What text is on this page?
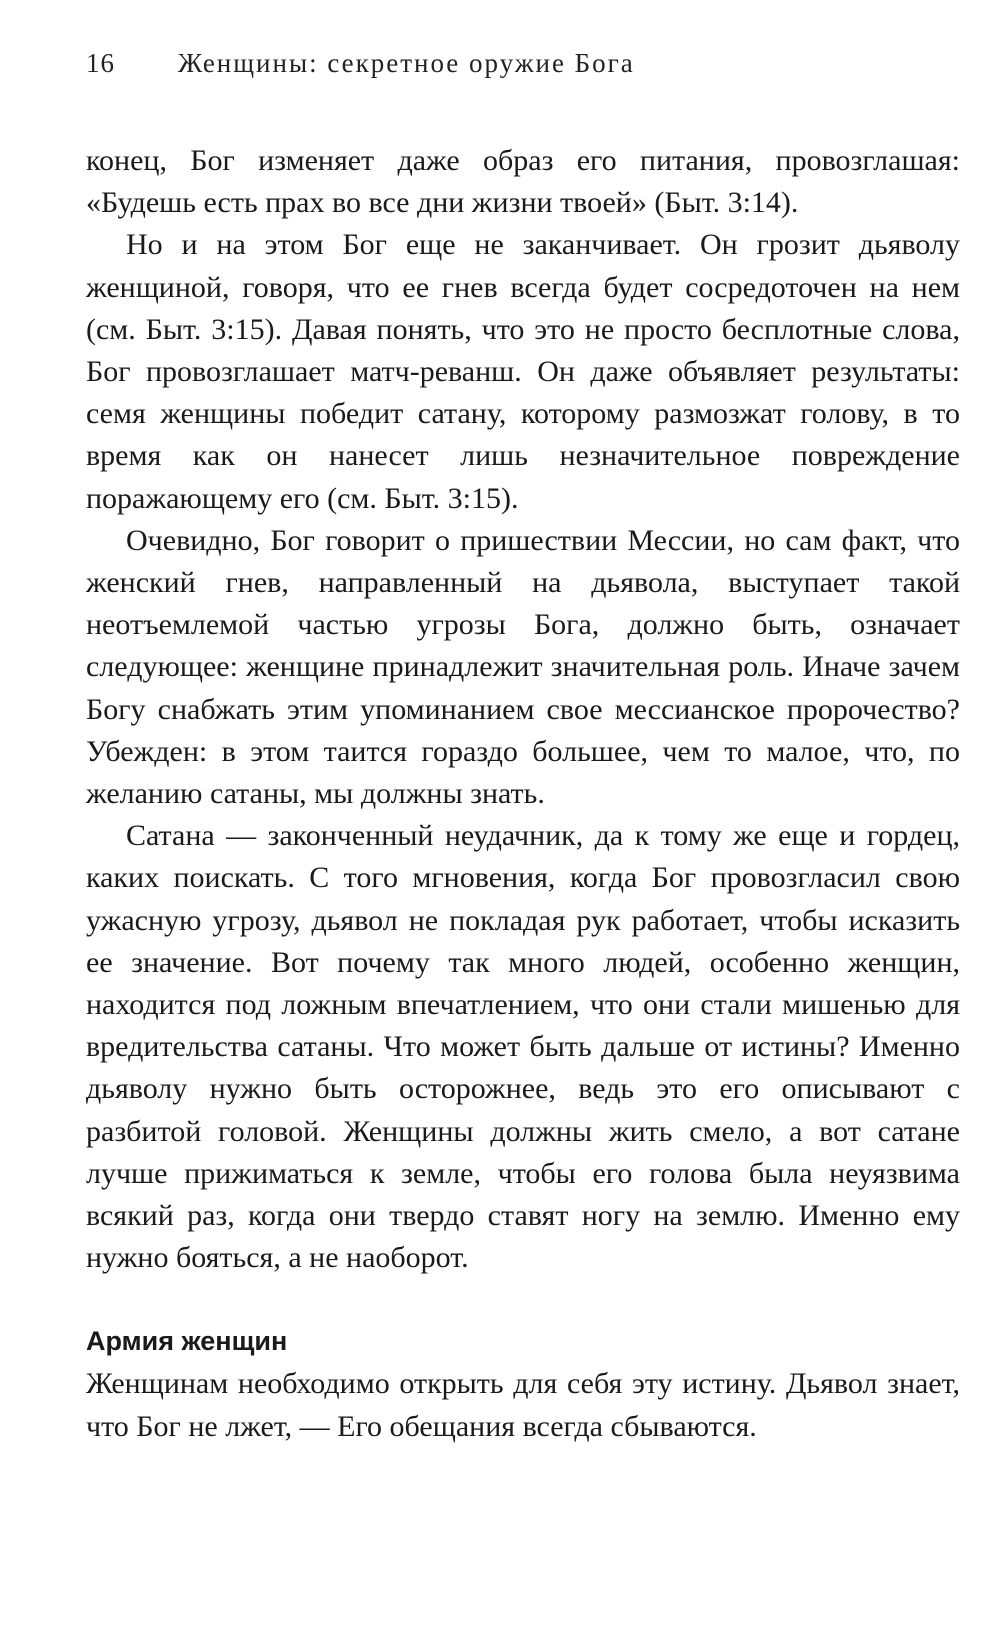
16	Женщины: секретное оружие Бога

конец, Бог изменяет даже образ его питания, провозглашая: «Будешь есть прах во все дни жизни твоей» (Быт. 3:14).

Но и на этом Бог еще не заканчивает. Он грозит дьяволу женщиной, говоря, что ее гнев всегда будет сосредоточен на нем (см. Быт. 3:15). Давая понять, что это не просто бесплотные слова, Бог провозглашает матч-реванш. Он даже объявляет результаты: семя женщины победит сатану, которому размозжат голову, в то время как он нанесет лишь незначительное повреждение поражающему его (см. Быт. 3:15).

Очевидно, Бог говорит о пришествии Мессии, но сам факт, что женский гнев, направленный на дьявола, выступает такой неотъемлемой частью угрозы Бога, должно быть, означает следующее: женщине принадлежит значительная роль. Иначе зачем Богу снабжать этим упоминанием свое мессианское пророчество? Убежден: в этом таится гораздо большее, чем то малое, что, по желанию сатаны, мы должны знать.

Сатана — законченный неудачник, да к тому же еще и гордец, каких поискать. С того мгновения, когда Бог провозгласил свою ужасную угрозу, дьявол не покладая рук работает, чтобы исказить ее значение. Вот почему так много людей, особенно женщин, находится под ложным впечатлением, что они стали мишенью для вредительства сатаны. Что может быть дальше от истины? Именно дьяволу нужно быть осторожнее, ведь это его описывают с разбитой головой. Женщины должны жить смело, а вот сатане лучше прижиматься к земле, чтобы его голова была неуязвима всякий раз, когда они твердо ставят ногу на землю. Именно ему нужно бояться, а не наоборот.

Армия женщин

Женщинам необходимо открыть для себя эту истину. Дьявол знает, что Бог не лжет, — Его обещания всегда сбываются.
